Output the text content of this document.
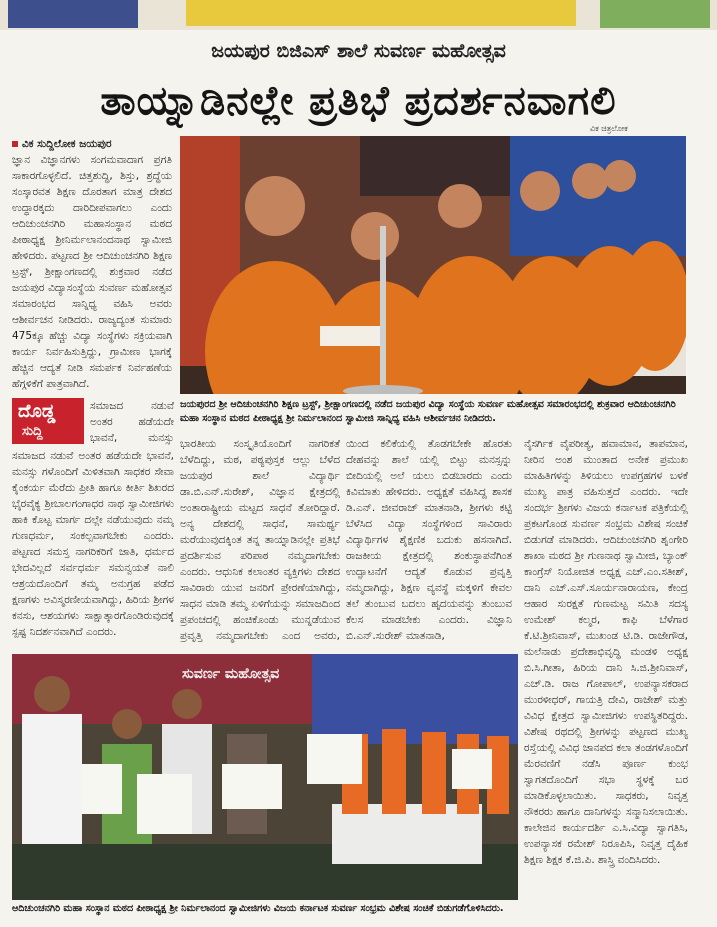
ಜಯಪುರ ಬಿಜಿಎಸ್ ಶಾಲೆ ಸುವರ್ಣ ಮಹೋತ್ಸವ
ತಾಯ್ನಾಡಿನಲ್ಲೇ ಪ್ರತಿಭೆ ಪ್ರದರ್ಶನವಾಗಲಿ
ವಿಕ ಚಿತ್ರಲೋಕ
ವಿಕ ಸುದ್ದಿಲೋಕ ಜಯಪುರ
ಜ್ಞಾನ ವಿಜ್ಞಾನಗಳು ಸಂಗಮವಾದಾಗ ಪ್ರಗತಿ ಸಾಕಾರಗೊಳ್ಳಲಿದೆ. ಚಿತ್ತಶುದ್ಧಿ, ಶಿಸ್ತು, ಶ್ರದ್ಧೆಯ ಸಂಸ್ಕಾರವತ ಶಿಕ್ಷಣ ದೊರತಾಗ ಮಾತ್ರ ದೇಶದ ಉದ್ಧಾರಕ್ಕದು ದಾರಿದೀಪವಾಗಲು ಎಂದು ಆದಿಚುಂಚನಗಿರಿ ಮಹಾಸಂಸ್ಥಾನ ಮಠದ ಪೀಠಾಧ್ಯಕ್ಷ ಶ್ರೀನಿರ್ಮಲಾನಂದನಾಥ ಸ್ವಾಮೀಜಿ ಹೇಳಿದರು. ಪಟ್ಟಣದ ಶ್ರೀ ಆದಿಚುಂಚನಗಿರಿ ಶಿಕ್ಷಣ ಟ್ರಸ್ಟ್, ಶ್ರೀಕ್ಷಾಂಗಣದಲ್ಲಿ ಶುಕ್ರವಾರ ನಡೆದ ಜಯಪುರ ವಿದ್ಯಾಸಂಸ್ಥೆಯ ಸುವರ್ಣ ಮಹೋತ್ಸವ ಸಮಾರಂಭದ ಸಾನ್ನಿಧ್ಯ ವಹಿಸಿ ಅವರು ಆಶೀರ್ವಚನ ನೀಡಿದರು. ರಾಜ್ಯದ್ಯಂತ ಸುಮಾರು 475ಕ್ಕೂ ಹೆಚ್ಚು ವಿದ್ಯಾ ಸಂಸ್ಥೆಗಳು ಸಕ್ರಿಯವಾಗಿ ಕಾರ್ಯ ನಿರ್ವಹಿಸುತ್ತಿದ್ದು, ಗ್ರಾಮೀಣ ಭಾಗಕ್ಕೆ ಹೆಚ್ಚಿನ ಆದ್ಯತೆ ನೀಡಿ ಸಮರ್ಪಕ ನಿರ್ವಹಣೆಯ ಹೆಗ್ಗಳಿಕೆಗೆ ಪಾತ್ರವಾಗಿದೆ.
ದೊಡ್ಡ
ಸುದ್ದಿ
ಸಮಾಜದ ನಡುವೆ ಅಂತರ ಹಡೆಯದೇ ಭಾವನೆ, ಮನಸ್ಸು
ಸಮಾಜದ ನಡುವೆ ಅಂತರ ಹಡೆಯದೇ ಭಾವನೆ, ಮನಸ್ಸು ಗಳೊಂದಿಗೆ ಮಿಳಿತವಾಗಿ ಸಾಧಕರ ಸೇವಾ ಕೈಂಕರ್ಯ ಮೆರೆದು ಪ್ರೀತಿ ಹಾಗೂ ಕೀರ್ತಿ ಶಿಖರದ ಭೈರವೈಕ್ಯ ಶ್ರೀಬಾಲಗಂಗಾಧರ ನಾಥ ಸ್ವಾಮೀಜಿಗಳು ಹಾಕಿ ಕೊಟ್ಟ ಮಾರ್ಗ ದಲ್ಲೇ ನಡೆಯುವುದು ನಮ್ಮ ಗುಣಧರ್ಮ, ಸಂಕಲ್ಪವಾಗಬೇಕು ಎಂದರು. ಪಟ್ಟಣದ ಸಮಸ್ತ ನಾಗರಿಕರಿಗೆ ಜಾತಿ, ಧರ್ಮದ ಭೇದವಿಲ್ಲದೆ ಸರ್ವಧರ್ಮ ಸಮನ್ವಯತೆ ನಾಲಿ ಆಶ್ರಯದೊಂದಿಗೆ ತಮ್ಮ ಅನುಗ್ರಹ ಪಡೆದ ಕ್ಷಣಗಳು ಅವಿಸ್ಮರಣೀಯವಾಗಿದ್ದು, ಹಿರಿಯ ಶ್ರೀಗಳ ಕನಸು, ಆಶಯಗಳು ಸಾಕ್ಷಾತ್ಕಾರಗೊಂಡಿರುವುದಕ್ಕೆ ಸ್ಪಷ್ಟ ನಿದರ್ಶನವಾಗಿದೆ ಎಂದರು.
ಜಯಪುರದ ಶ್ರೀ ಆದಿಚುಂಚನಗಿರಿ ಶಿಕ್ಷಣ ಟ್ರಸ್ಟ್, ಶ್ರೀಕ್ಷಾಂಗಣದಲ್ಲಿ ನಡೆದ ಜಯಪುರ ವಿದ್ಯಾ ಸಂಸ್ಥೆಯ ಸುವರ್ಣ ಮಹೋತ್ಸವ ಸಮಾರಂಭದಲ್ಲಿ ಶುಕ್ರವಾರ ಆದಿಚುಂಚನಗಿರಿ ಮಹಾ ಸಂಸ್ಥಾನ ಮಠದ ಪೀಠಾಧ್ಯಕ್ಷ ಶ್ರೀ ನಿರ್ಮಲಾನಂದ ಸ್ವಾಮೀಜಿ ಸಾನ್ನಿಧ್ಯ ವಹಿಸಿ ಆಶೀರ್ವಚನ ನೀಡಿದರು.
ಭಾರತೀಯ ಸಂಸ್ಕೃತಿಯೊಂದಿಗೆ ನಾಗರಿಕತೆ ಬೆಳೆದಿದ್ದು, ಮಠ, ಪಠ್ಯಪುಸ್ತಕ ಆಲ್ಲು ಬೆಳೆದ ಜಯಪುರ ಶಾಲೆ ವಿದ್ಯಾರ್ಥಿ ಡಾ.ಬಿ.ಎನ್.ಸುರೇಶ್, ವಿಜ್ಞಾನ ಕ್ಷೇತ್ರದಲ್ಲಿ ಅಂತಾರಾಷ್ಟ್ರೀಯ ಮಟ್ಟದ ಸಾಧನೆ ತೋರಿದ್ದಾರೆ. ಅನ್ಯ ದೇಶದಲ್ಲಿ ಸಾಧನೆ, ಸಾಮರ್ಥ್ಯ ಮರೆಯುವುದಕ್ಕಿಂತ ತನ್ನ ತಾಯ್ನಾಡಿನಲ್ಲೇ ಪ್ರತಿಭೆ ಪ್ರದರ್ಶಿಸುವ ಪರಿಪಾಠ ನಮ್ಮದಾಗಬೇಕು ಎಂದರು. ಆಧುನಿಕ ಕಲಾಂತರ ವ್ಯಕ್ತಿಗಳು ದೇಶದ ಸಾವಿರಾರು ಯುವ ಜನರಿಗೆ ಪ್ರೇರಣೆಯಾಗಿದ್ದು, ಸಾಧನ ಮಾಡಿ ತಮ್ಮ ಏಳಿಗೆಯನ್ನು ಸಮಾಜದಿಂದ ಪ್ರಪಂಚದಲ್ಲಿ ಹಂಚಿಕೊಂಡು ಮುನ್ನಡೆಯುವ ಪ್ರವೃತ್ತಿ ನಮ್ಮದಾಗಬೇಕು ಎಂದ ಅವರು,
ಯಿಂದ ಕಲಿಕೆಯಲ್ಲಿ ತೊಡಗಬೇಕೇ ಹೊರತು ದೇಹವನ್ನು ಶಾಲೆ ಯಲ್ಲಿ ಬಿಟ್ಟು ಮನಸ್ಸನ್ನು ಬೀದಿಯಲ್ಲಿ ಅಲೆ ಯಲು ಬಿಡಬಾರದು ಎಂದು ಕಿವಿಮಾತು ಹೇಳಿದರು. ಅಧ್ಯಕ್ಷತೆ ವಹಿಸಿದ್ದ ಶಾಸಕ ಡಿ.ಎನ್. ಜೀವರಾಜ್ ಮಾತನಾಡಿ, ಶ್ರೀಗಳು ಕಟ್ಟಿ ಬೆಳೆಸಿದ ವಿದ್ಯಾ ಸಂಸ್ಥೆಗಳಿಂದ ಸಾವಿರಾರು ವಿದ್ಯಾರ್ಥಿಗಳ ಶೈಕ್ಷಣಿಕ ಬದುಕು ಹಸನಾಗಿದೆ. ರಾಜಕೀಯ ಕ್ಷೇತ್ರದಲ್ಲಿ ಶಂಕುಸ್ಥಾಪನೆಗಿಂತ ಉದ್ಘಾಟನೆಗೆ ಆದ್ಯತೆ ಕೊಡುವ ಪ್ರವೃತ್ತಿ ನಮ್ಮದಾಗಿದ್ದು, ಶಿಕ್ಷಣ ವ್ಯವಸ್ಥೆ ಮಕ್ಕಳಿಗೆ ಕೇವಲ ತಲೆ ತುಂಬುವ ಬದಲು ಹೃದಯವನ್ನು ತುಂಬುವ ಕೆಲಸ ಮಾಡಬೇಕು ಎಂದರು. ವಿಜ್ಞಾನಿ ಬಿ.ಎನ್.ಸುರೇಶ್ ಮಾತನಾಡಿ,
ನೈಸರ್ಗಿಕ ವೈಪರೀತ್ಯ, ಹವಾಮಾನ, ತಾಪಮಾನ, ನೀರಿನ ಅಂಶ ಮುಂತಾದ ಅನೇಕ ಪ್ರಮುಖ ಮಾಹಿತಿಗಳನ್ನು ತಿಳಿಯಲು ಉಪಗ್ರಹಗಳ ಬಳಕೆ ಮುಖ್ಯ ಪಾತ್ರ ವಹಿಸುತ್ತದೆ ಎಂದರು. ಇದೇ ಸಂದರ್ಭ ಶ್ರೀಗಳು ವಿಜಯ ಕರ್ನಾಟಕ ಪತ್ರಿಕೆಯಲ್ಲಿ ಪ್ರಕಟಗೊಂಡ ಸುವರ್ಣ ಸಂಭ್ರಮ ವಿಶೇಷ ಸಂಚಿಕೆ ಬಿಡುಗಡೆ ಮಾಡಿದರು. ಆದಿಚುಂಚನಗಿರಿ ಶೃಂಗೇರಿ ಶಾಖಾ ಮಠದ ಶ್ರೀ ಗುಣನಾಥ ಸ್ವಾಮೀಜಿ, ಬ್ಯಾಂಕ್ ಕಾಂಗ್ರೆಸ್ ನಿಯೋಜಿತ ಅಧ್ಯಕ್ಷ ಎಚ್.ಎಂ.ಸತೀಶ್, ದಾನಿ ಎಚ್.ಎಸ್.ಸೂರ್ಯನಾರಾಯಣ, ಕೇಂದ್ರ ಆಹಾರ ಸುರಕ್ಷತೆ ಗುಣಮಟ್ಟ ಸಮಿತಿ ಸದಸ್ಯ ಉಮೇಶ್ ಕಲ್ಮರ, ಕಾಫಿ ಬೆಳೆಗಾರ ಕೆ.ಟಿ.ಶ್ರೀನಿವಾಸ್, ಮುಖಂಡ ಟಿ.ಡಿ. ರಾಜೇಗೌಡ, ಮಲೆನಾಡು ಪ್ರದೇಶಾಭಿವೃದ್ಧಿ ಮಂಡಳಿ ಅಧ್ಯಕ್ಷ ಬಿ.ಸಿ.ಗೀತಾ, ಹಿರಿಯ ದಾನಿ ಸಿ.ಜಿ.ಶ್ರೀನಿವಾಸ್, ಎಚ್.ಡಿ. ರಾಜ ಗೋಪಾಲ್, ಉಪನ್ಯಾಸಕರಾದ ಮುರಳೀಧರ್, ಗಾಯತ್ರಿ ದೇವಿ, ರಾಜೇಶ್ ಮತ್ತು ವಿವಿಧ ಕ್ಷೇತ್ರದ ಸ್ವಾಮೀಜಿಗಳು ಉಪಸ್ಥಿತರಿದ್ದರು. ವಿಶೇಷ ರಥದಲ್ಲಿ ಶ್ರೀಗಳನ್ನು ಪಟ್ಟಣದ ಮುಖ್ಯ ರಸ್ತೆಯಲ್ಲಿ ವಿವಿಧ ಜಾನಪದ ಕಲಾ ತಂಡಗಳೊಂದಿಗೆ ಮೆರವಣಿಗೆ ನಡೆಸಿ ಪೂರ್ಣ ಕುಂಭ ಸ್ವಾಗತದೊಂದಿಗೆ ಸಭಾ ಸ್ಥಳಕ್ಕೆ ಬರ ಮಾಡಿಕೊಳ್ಳಲಾಯಿತು. ಸಾಧಕರು, ನಿವೃತ್ತ ನೌಕರರು ಹಾಗೂ ದಾನಿಗಳನ್ನು ಸನ್ಮಾನಿಸಲಾಯಿತು. ಕಾಲೇಜಿನ ಕಾರ್ಯದರ್ಶಿ ಎ.ಸಿ.ವಿದ್ಯಾ ಸ್ವಾಗತಿಸಿ, ಉಪನ್ಯಾಸಕ ರಮೇಶ್ ನಿರೂಪಿಸಿ, ನಿವೃತ್ತ ದೈಹಿಕ ಶಿಕ್ಷಣ ಶಿಕ್ಷಕ ಕೆ.ಜಿ.ಪಿ. ಶಾಸ್ತ್ರಿ ವಂದಿಸಿದರು.
ಸುವರ್ಣ ಮಹೋತ್ಸವ
ಆದಿಚುಂಚನಗಿರಿ ಮಹಾ ಸಂಸ್ಥಾನ ಮಠದ ಪೀಠಾಧ್ಯಕ್ಷ ಶ್ರೀ ನಿರ್ಮಲಾನಂದ ಸ್ವಾಮೀಜಿಗಳು ವಿಜಯ ಕರ್ನಾಟಕ ಸುವರ್ಣ ಸಂಭ್ರಮ ವಿಶೇಷ ಸಂಚಿಕೆ ಬಿಡುಗಡೆಗೊಳಿಸಿದರು.
